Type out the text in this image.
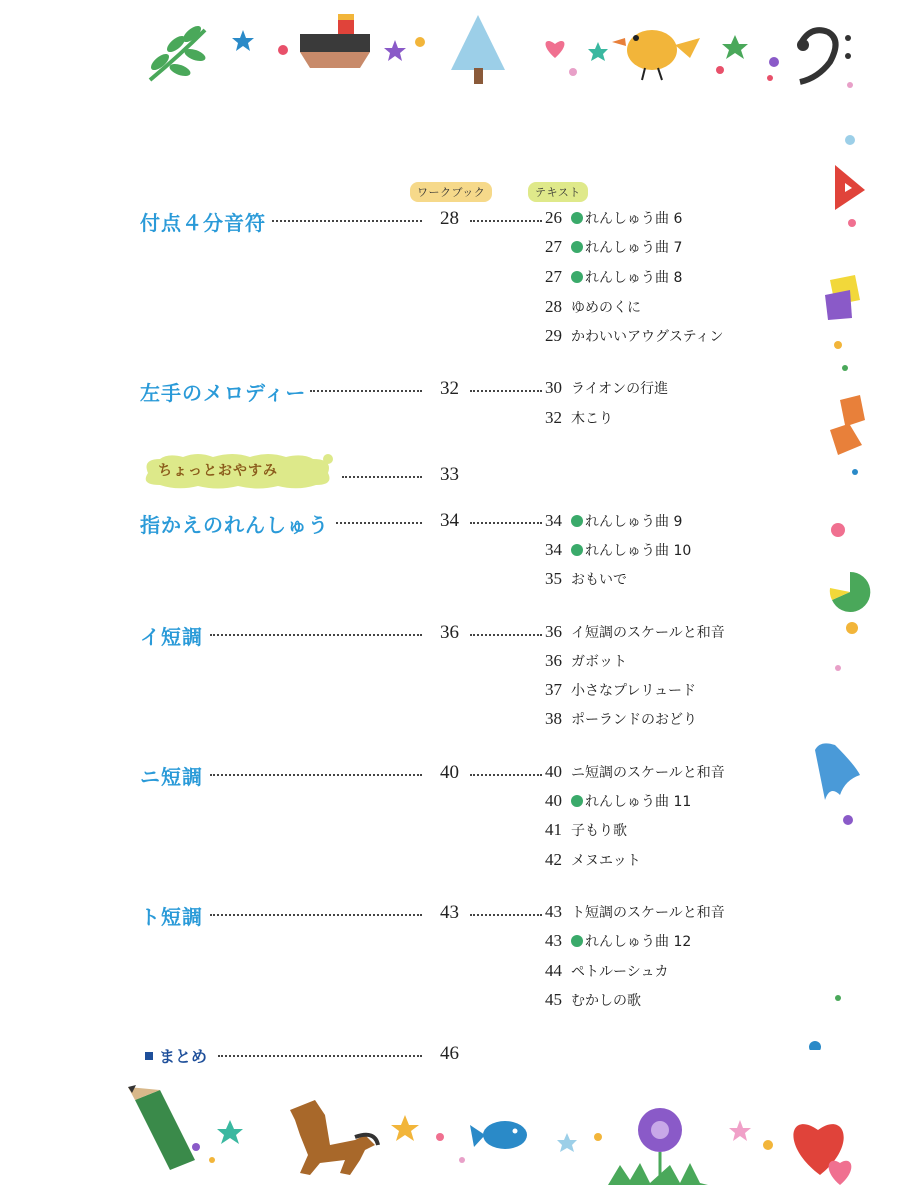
ワークブック	テキスト
付点４分音符	28	26	れんしゅう曲 6
27	れんしゅう曲 7
27	れんしゅう曲 8
28 ゆめのくに
29 かわいいアウグスティン
左手のメロディー	32	30 ライオンの行進
32 木こり
ちょっとおやすみ	33
指かえのれんしゅう	34	34	れんしゅう曲 9
34	れんしゅう曲 10
35 おもいで
イ短調	36	36 イ短調のスケールと和音
36 ガボット
37 小さなプレリュード
38 ポーランドのおどり
ニ短調	40	40 ニ短調のスケールと和音
40	れんしゅう曲 11
41 子もり歌
42 メヌエット
ト短調	43	43 ト短調のスケールと和音
43	れんしゅう曲 12
44 ペトルーシュカ
45 むかしの歌
まとめ	46
